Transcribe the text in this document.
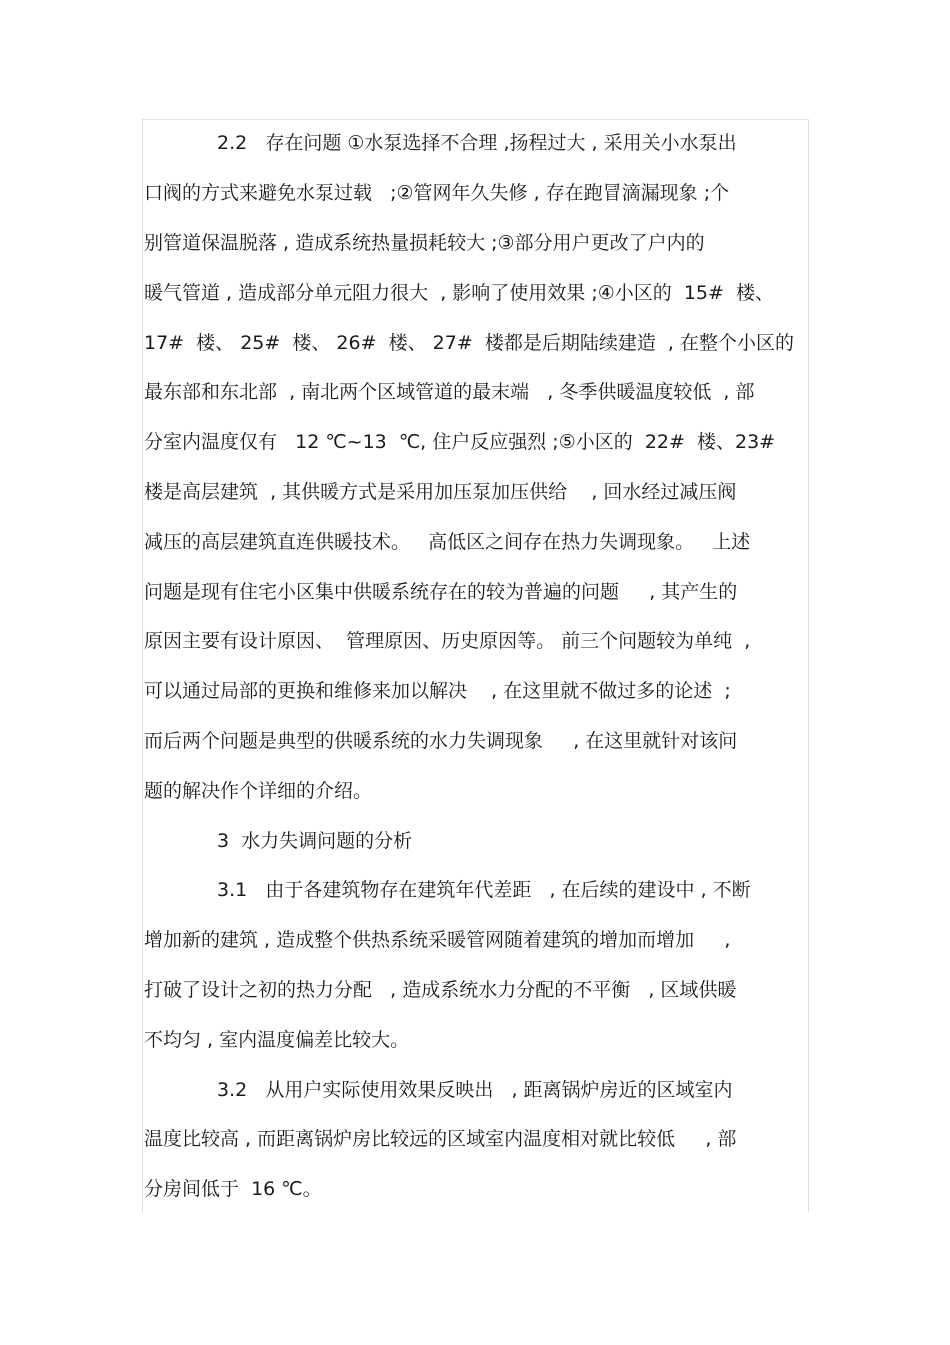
2.2   存在问题 ①水泵选择不合理 ,扬程过大 , 采用关小水泵出
口阀的方式来避免水泵过载   ;②管网年久失修 , 存在跑冒滴漏现象 ;个
别管道保温脱落 , 造成系统热量损耗较大 ;③部分用户更改了户内的
暖气管道 , 造成部分单元阻力很大  , 影响了使用效果 ;④小区的  15#  楼、
17#  楼、 25#  楼、 26#  楼、 27#  楼都是后期陆续建造  , 在整个小区的
最东部和东北部  , 南北两个区域管道的最末端   , 冬季供暖温度较低  , 部
分室内温度仅有   12 ℃~13  ℃, 住户反应强烈 ;⑤小区的  22#  楼、23#
楼是高层建筑  , 其供暖方式是采用加压泵加压供给    , 回水经过减压阀
减压的高层建筑直连供暖技术。   高低区之间存在热力失调现象。   上述
问题是现有住宅小区集中供暖系统存在的较为普遍的问题     , 其产生的
原因主要有设计原因、  管理原因、历史原因等。 前三个问题较为单纯  ,
可以通过局部的更换和维修来加以解决    , 在这里就不做过多的论述  ;
而后两个问题是典型的供暖系统的水力失调现象     , 在这里就针对该问
题的解决作个详细的介绍。
3  水力失调问题的分析
3.1   由于各建筑物存在建筑年代差距   , 在后续的建设中 , 不断
增加新的建筑 , 造成整个供热系统采暖管网随着建筑的增加而增加     ,
打破了设计之初的热力分配   , 造成系统水力分配的不平衡   , 区域供暖
不均匀 , 室内温度偏差比较大。
3.2   从用户实际使用效果反映出   , 距离锅炉房近的区域室内
温度比较高 , 而距离锅炉房比较远的区域室内温度相对就比较低     , 部
分房间低于  16 ℃。
